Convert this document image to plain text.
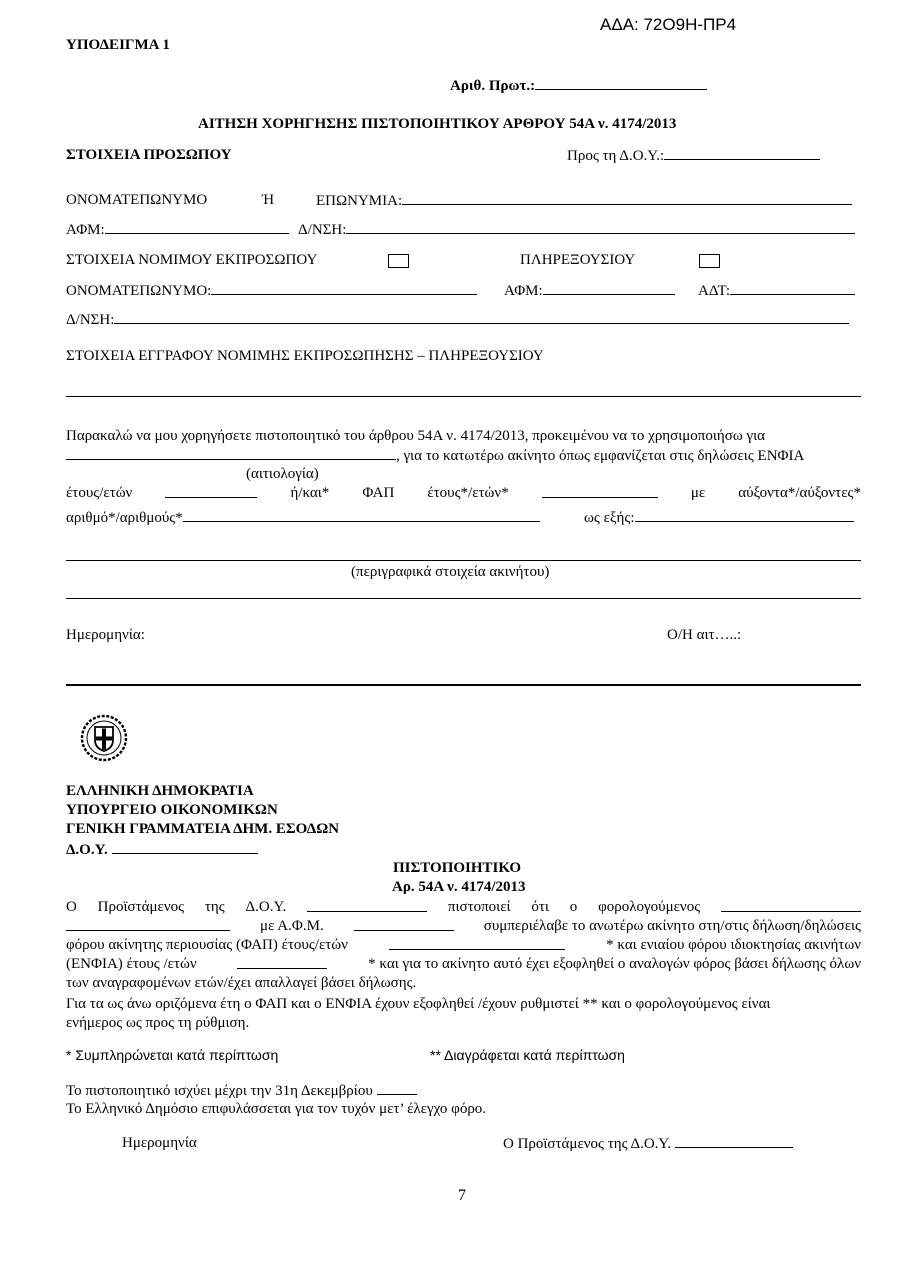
ΑΔΑ: 72Ο9Η-ΠΡ4
ΥΠΟΔΕΙΓΜΑ 1
Αριθ. Πρωτ.:
ΑΙΤΗΣΗ ΧΟΡΗΓΗΣΗΣ ΠΙΣΤΟΠΟΙΗΤΙΚΟΥ ΑΡΘΡΟΥ 54Α ν. 4174/2013
ΣΤΟΙΧΕΙΑ ΠΡΟΣΩΠΟΥ	Προς τη Δ.Ο.Υ.:
ΟΝΟΜΑΤΕΠΩΝΥΜΟ	Ή	ΕΠΩΝΥΜΙΑ:
ΑΦΜ:	Δ/ΝΣΗ:
ΣΤΟΙΧΕΙΑ ΝΟΜΙΜΟΥ ΕΚΠΡΟΣΩΠΟΥ	ΠΛΗΡΕΞΟΥΣΙΟΥ
ΟΝΟΜΑΤΕΠΩΝΥΜΟ:	ΑΦΜ:	ΑΔΤ:
Δ/ΝΣΗ:
ΣΤΟΙΧΕΙΑ ΕΓΓΡΑΦΟΥ ΝΟΜΙΜΗΣ ΕΚΠΡΟΣΩΠΗΣΗΣ – ΠΛΗΡΕΞΟΥΣΙΟΥ
Παρακαλώ να μου χορηγήσετε πιστοποιητικό του άρθρου 54Α ν. 4174/2013, προκειμένου να το χρησιμοποιήσω για
, για το κατωτέρω ακίνητο όπως εμφανίζεται στις δηλώσεις ΕΝΦΙΑ
(αιτιολογία)
έτους/ετών	ή/και* ΦΑΠ έτους*/ετών*	με αύξοντα*/αύξοντες*
αριθμό*/αριθμούς*	ως εξής:
(περιγραφικά στοιχεία ακινήτου)
Ημερομηνία:	Ο/Η αιτ…..:
ΕΛΛΗΝΙΚΗ ΔΗΜΟΚΡΑΤΙΑ
ΥΠΟΥΡΓΕΙΟ ΟΙΚΟΝΟΜΙΚΩΝ
ΓΕΝΙΚΗ ΓΡΑΜΜΑΤΕΙΑ ΔΗΜ. ΕΣΟΔΩΝ
Δ.Ο.Υ.
ΠΙΣΤΟΠΟΙΗΤΙΚΟ
Αρ. 54Α ν. 4174/2013
Ο Προϊστάμενος της Δ.Ο.Υ.	πιστοποιεί ότι ο φορολογούμενος
με Α.Φ.Μ.	συμπεριέλαβε το ανωτέρω ακίνητο στη/στις δήλωση/δηλώσεις
φόρου ακίνητης περιουσίας (ΦΑΠ) έτους/ετών	* και ενιαίου φόρου ιδιοκτησίας ακινήτων
(ΕΝΦΙΑ) έτους /ετών	* και για το ακίνητο αυτό έχει εξοφληθεί ο αναλογών φόρος βάσει δήλωσης όλων
των αναγραφομένων ετών/έχει απαλλαγεί βάσει δήλωσης.
Για τα ως άνω οριζόμενα έτη ο ΦΑΠ και ο ΕΝΦΙΑ έχουν εξοφληθεί /έχουν ρυθμιστεί ** και ο φορολογούμενος είναι
ενήμερος ως προς τη ρύθμιση.
* Συμπληρώνεται κατά περίπτωση	** Διαγράφεται κατά περίπτωση
Το πιστοποιητικό ισχύει μέχρι την 31η Δεκεμβρίου
Το Ελληνικό Δημόσιο επιφυλάσσεται για τον τυχόν μετ’ έλεγχο φόρο.
Ημερομηνία	Ο Προϊστάμενος της Δ.Ο.Υ.
7
